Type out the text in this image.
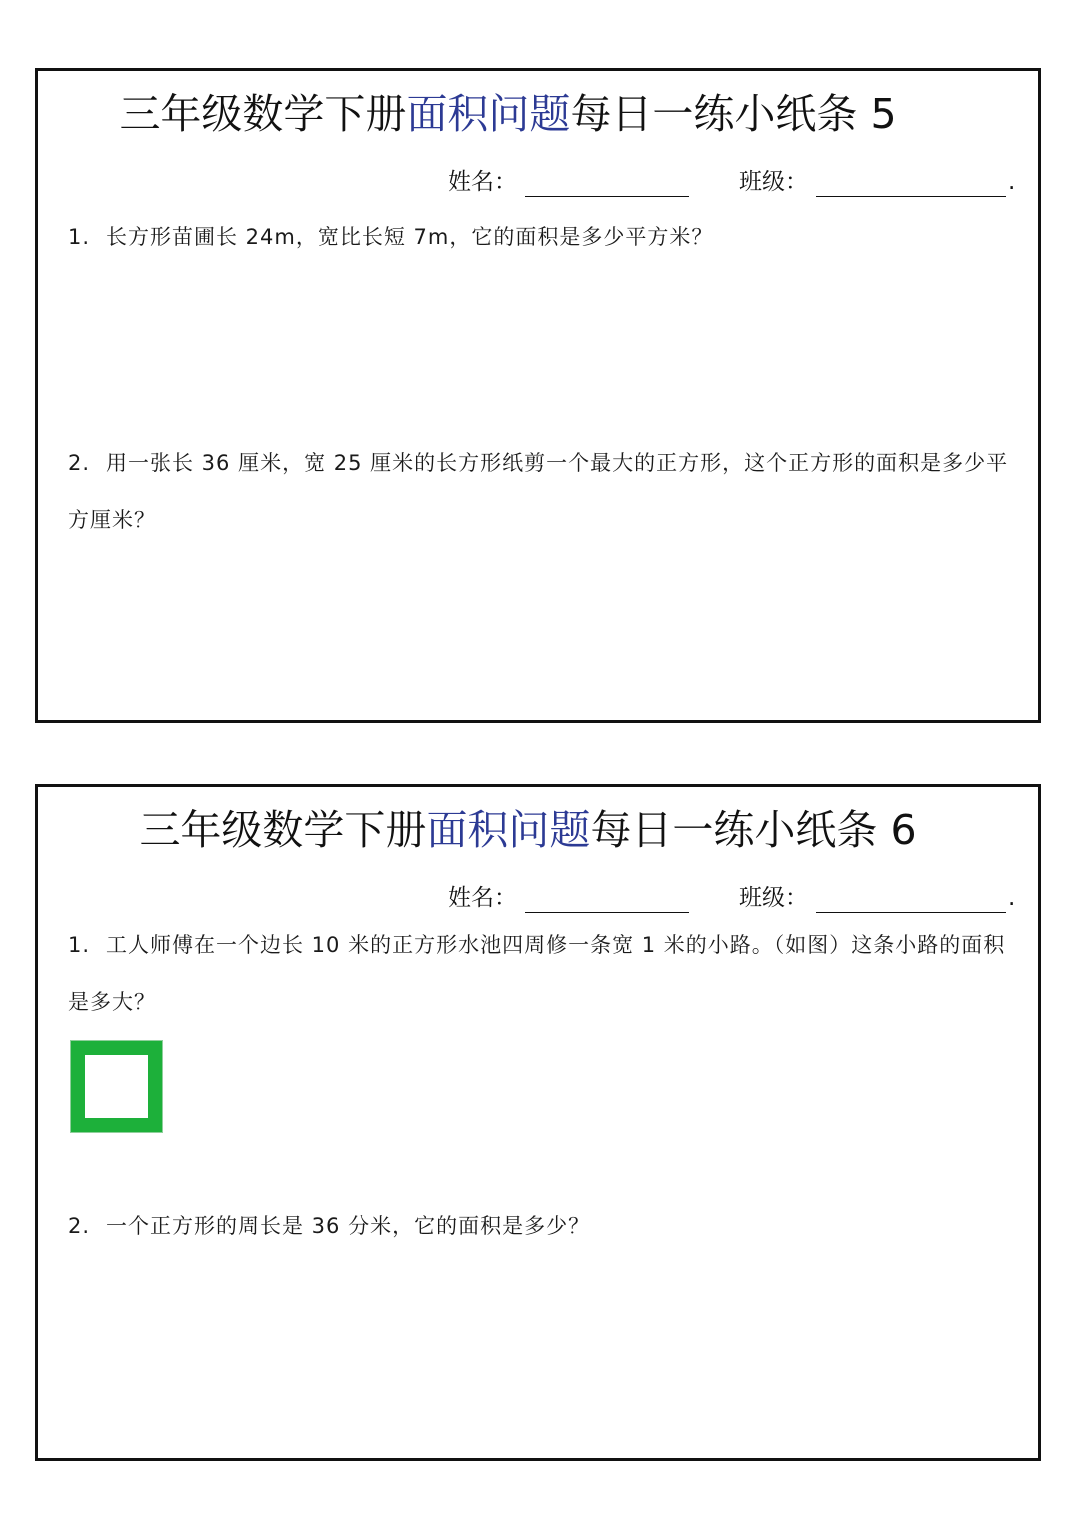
三年级数学下册面积问题每日一练小纸条 5
姓名：	班级：	.
1. 长方形苗圃长 24m，宽比长短 7m，它的面积是多少平方米？
2. 用一张长 36 厘米，宽 25 厘米的长方形纸剪一个最大的正方形，这个正方形的面积是多少平方厘米？
三年级数学下册面积问题每日一练小纸条 6
姓名：	班级：	.
1. 工人师傅在一个边长 10 米的正方形水池四周修一条宽 1 米的小路。（如图）这条小路的面积是多大？
2. 一个正方形的周长是 36 分米，它的面积是多少？
